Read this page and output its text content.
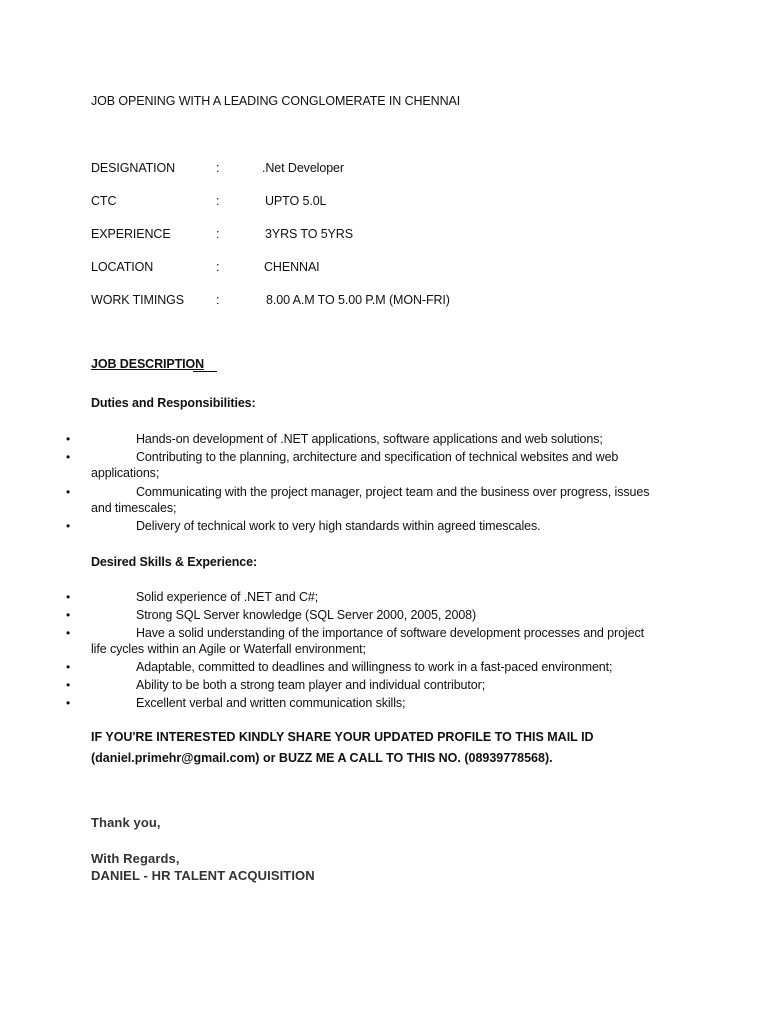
JOB OPENING WITH A LEADING CONGLOMERATE IN CHENNAI
DESIGNATION	:	.Net Developer
CTC	:	UPTO 5.0L
EXPERIENCE	:	3YRS TO 5YRS
LOCATION	:	CHENNAI
WORK TIMINGS	:	8.00 A.M TO 5.00 P.M (MON-FRI)
JOB DESCRIPTION
Duties and Responsibilities:
•	Hands-on development of .NET applications, software applications and web solutions;
•	Contributing to the planning, architecture and specification of technical websites and web
applications;
•	Communicating with the project manager, project team and the business over progress, issues
and timescales;
•	Delivery of technical work to very high standards within agreed timescales.
Desired Skills & Experience:
•	Solid experience of .NET and C#;
•	Strong SQL Server knowledge (SQL Server 2000, 2005, 2008)
•	Have a solid understanding of the importance of software development processes and project
life cycles within an Agile or Waterfall environment;
•	Adaptable, committed to deadlines and willingness to work in a fast-paced environment;
•	Ability to be both a strong team player and individual contributor;
•	Excellent verbal and written communication skills;
IF YOU'RE INTERESTED KINDLY SHARE YOUR UPDATED PROFILE TO THIS MAIL ID
(daniel.primehr@gmail.com) or BUZZ ME A CALL TO THIS NO. (08939778568).
Thank you,
With Regards,
DANIEL - HR TALENT ACQUISITION
